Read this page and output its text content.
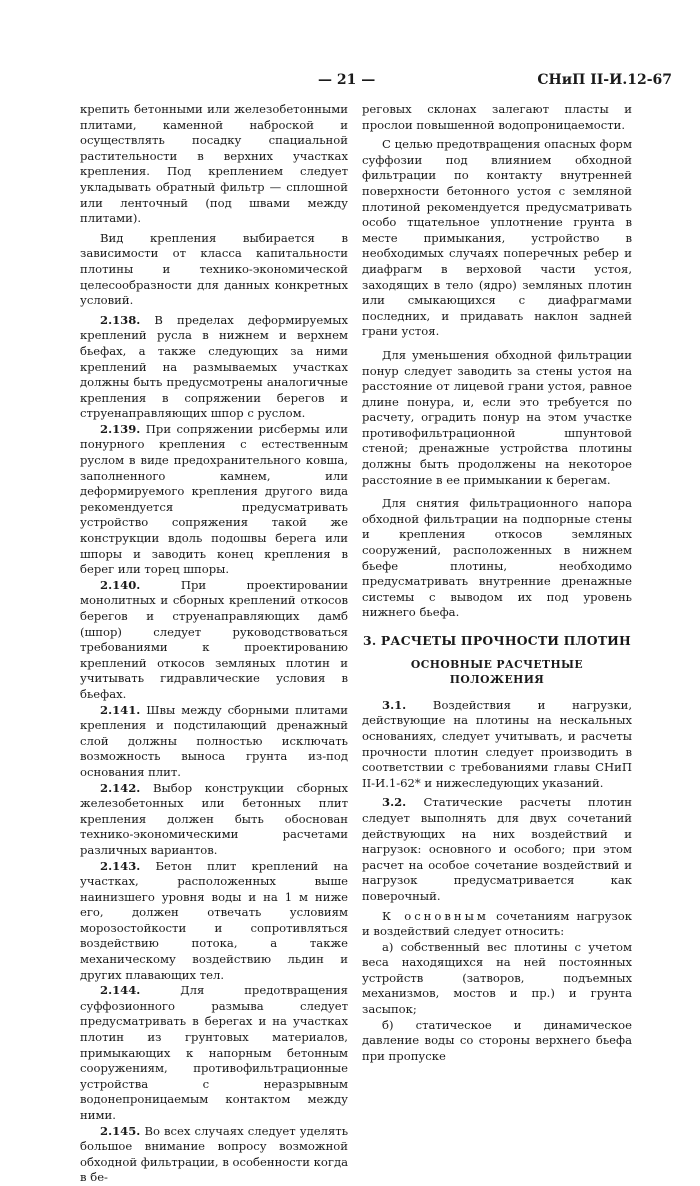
— 21 —	СНиП II-И.12-67

крепить бетонными или железобетонными плитами, каменной наброской и осуществлять посадку спациальной растительности в верхних участках крепления. Под креплением следует укладывать обратный фильтр — сплошной или ленточный (под швами между плитами).

Вид крепления выбирается в зависимости от класса капитальности плотины и технико-экономической целесообразности для данных конкретных условий.

2.138. В пределах деформируемых креплений русла в нижнем и верхнем бьефах, а также следующих за ними креплений на размываемых участках должны быть предусмотрены аналогичные крепления в сопряжении берегов и струенаправляющих шпор с руслом.

2.139. При сопряжении рисбермы или понурного крепления с естественным руслом в виде предохранительного ковша, заполненного камнем, или деформируемого крепления другого вида рекомендуется предусматривать устройство сопряжения такой же конструкции вдоль подошвы берега или шпоры и заводить конец крепления в берег или торец шпоры.

2.140.	При проектировании монолитных и сборных креплений откосов берегов и струенаправляющих дамб (шпор) следует руководствоваться требованиями к проектированию креплений откосов земляных плотин и учитывать гидравлические условия в бьефах.

2.141. Швы между сборными плитами крепления и подстилающий дренажный слой должны полностью исключать возможность выноса грунта из-под основания плит.

2.142. Выбор конструкции сборных железобетонных или бетонных плит крепления должен быть обоснован технико-экономическими расчетами различных вариантов.

2.143. Бетон плит креплений на участках, расположенных выше наинизшего уровня воды и на 1 м ниже его, должен отвечать условиям морозостойкости и сопротивляться воздействию потока, а также механическому воздействию льдин и других плавающих тел.

2.144.	Для предотвращения суффозионного размыва следует предусматривать в берегах и на участках плотин из грунтовых материалов, примыкающих к напорным бетонным сооружениям, противофильтрационные устройства с неразрывным водонепроницаемым контактом между ними.

2.145. Во всех случаях следует уделять большое внимание вопросу возможной обходной фильтрации, в особенности когда в бе-

реговых склонах залегают пласты и прослои повышенной водопроницаемости.

С целью предотвращения опасных форм суффозии под влиянием обходной фильтрации по контакту внутренней поверхности бетонного устоя с земляной плотиной рекомендуется предусматривать особо тщательное уплотнение грунта в месте примыкания, устройство в необходимых случаях поперечных ребер и диафрагм в верховой части устоя, заходящих в тело (ядро) земляных плотин или смыкающихся с диафрагмами последних, и придавать наклон задней грани устоя.

Для уменьшения обходной фильтрации понур следует заводить за стены устоя на расстояние от лицевой грани устоя, равное длине понура, и, если это требуется по расчету, оградить понур на этом участке противофильтрационной шпунтовой стеной; дренажные устройства плотины должны быть продолжены на некоторое расстояние в ее примыкании к берегам.

Для снятия фильтрационного напора обходной фильтрации на подпорные стены и крепления откосов земляных сооружений, расположенных в нижнем бьефе плотины, необходимо предусматривать внутренние дренажные системы с выводом их под уровень нижнего бьефа.

3. РАСЧЕТЫ ПРОЧНОСТИ ПЛОТИН

ОСНОВНЫЕ РАСЧЕТНЫЕ ПОЛОЖЕНИЯ

3.1. Воздействия и нагрузки, действующие на плотины на нескальных основаниях, следует учитывать, и расчеты прочности плотин следует производить в соответствии с требованиями главы СНиП II-И.1-62* и нижеследующих указаний.

3.2. Статические расчеты плотин следует выполнять для двух сочетаний действующих на них воздействий и нагрузок: основного и особого; при этом расчет на особое сочетание воздействий и нагрузок предусматривается как поверочный.

К основным сочетаниям нагрузок и воздействий следует относить:

а) собственный вес плотины с учетом веса находящихся на ней постоянных устройств (затворов, подъемных механизмов, мостов и пр.) и грунта засыпок;

б) статическое и динамическое давление воды со стороны верхнего бьефа при пропуске
